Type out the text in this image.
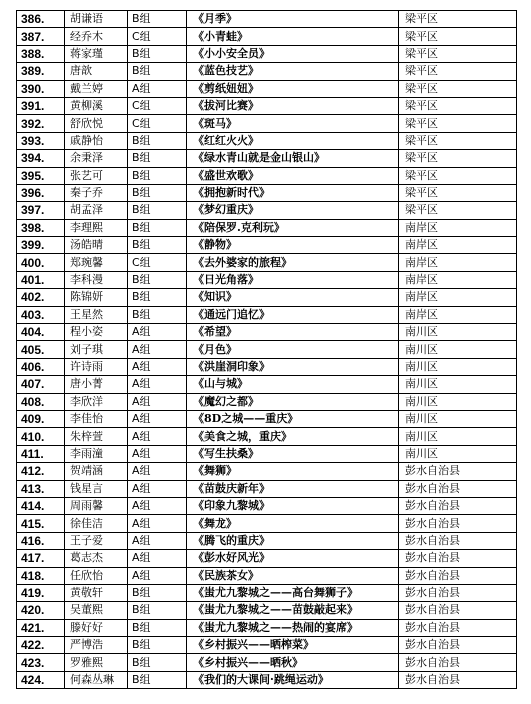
386.	胡谦语	B组	《月季》	梁平区
387.	经乔木	C组	《小青蛙》	梁平区
388.	蒋家瑾	B组	《小小安全员》	梁平区
389.	唐歆	B组	《蓝色技艺》	梁平区
390.	戴兰婷	A组	《剪纸妞妞》	梁平区
391.	黄柳溪	C组	《拔河比赛》	梁平区
392.	舒欣悦	C组	《斑马》	梁平区
393.	戚静怡	B组	《红红火火》	梁平区
394.	余秉泽	B组	《绿水青山就是金山银山》	梁平区
395.	张艺可	B组	《盛世欢歌》	梁平区
396.	秦子乔	B组	《拥抱新时代》	梁平区
397.	胡孟泽	B组	《梦幻重庆》	梁平区
398.	李理熙	B组	《陪保罗.克利玩》	南岸区
399.	汤皓晴	B组	《静物》	南岸区
400.	郑琬馨	C组	《去外婆家的旅程》	南岸区
401.	李科漫	B组	《日光角落》	南岸区
402.	陈锦妍	B组	《知识》	南岸区
403.	王星然	B组	《通远门追忆》	南岸区
404.	程小姿	A组	《希望》	南川区
405.	刘子琪	A组	《月色》	南川区
406.	许诗雨	A组	《洪崖洞印象》	南川区
407.	唐小菁	A组	《山与城》	南川区
408.	李欣洋	A组	《魔幻之都》	南川区
409.	李佳怡	A组	《8D之城——重庆》	南川区
410.	朱梓萱	A组	《美食之城，重庆》	南川区
411.	李雨潼	A组	《写生扶桑》	南川区
412.	贺靖涵	A组	《舞狮》	彭水自治县
413.	钱星言	A组	《苗鼓庆新年》	彭水自治县
414.	周雨馨	A组	《印象九黎城》	彭水自治县
415.	徐佳洁	A组	《舞龙》	彭水自治县
416.	王子爱	A组	《腾飞的重庆》	彭水自治县
417.	葛志杰	A组	《彭水好风光》	彭水自治县
418.	任欣怡	A组	《民族茶女》	彭水自治县
419.	黄敬轩	B组	《蚩尤九黎城之——高台舞狮子》	彭水自治县
420.	吴董熙	B组	《蚩尤九黎城之——苗鼓敲起来》	彭水自治县
421.	滕好好	B组	《蚩尤九黎城之——热闹的宴席》	彭水自治县
422.	严博浩	B组	《乡村振兴——晒榨菜》	彭水自治县
423.	罗雅熙	B组	《乡村振兴——晒秋》	彭水自治县
424.	何森丛琳	B组	《我们的大课间·跳绳运动》	彭水自治县
